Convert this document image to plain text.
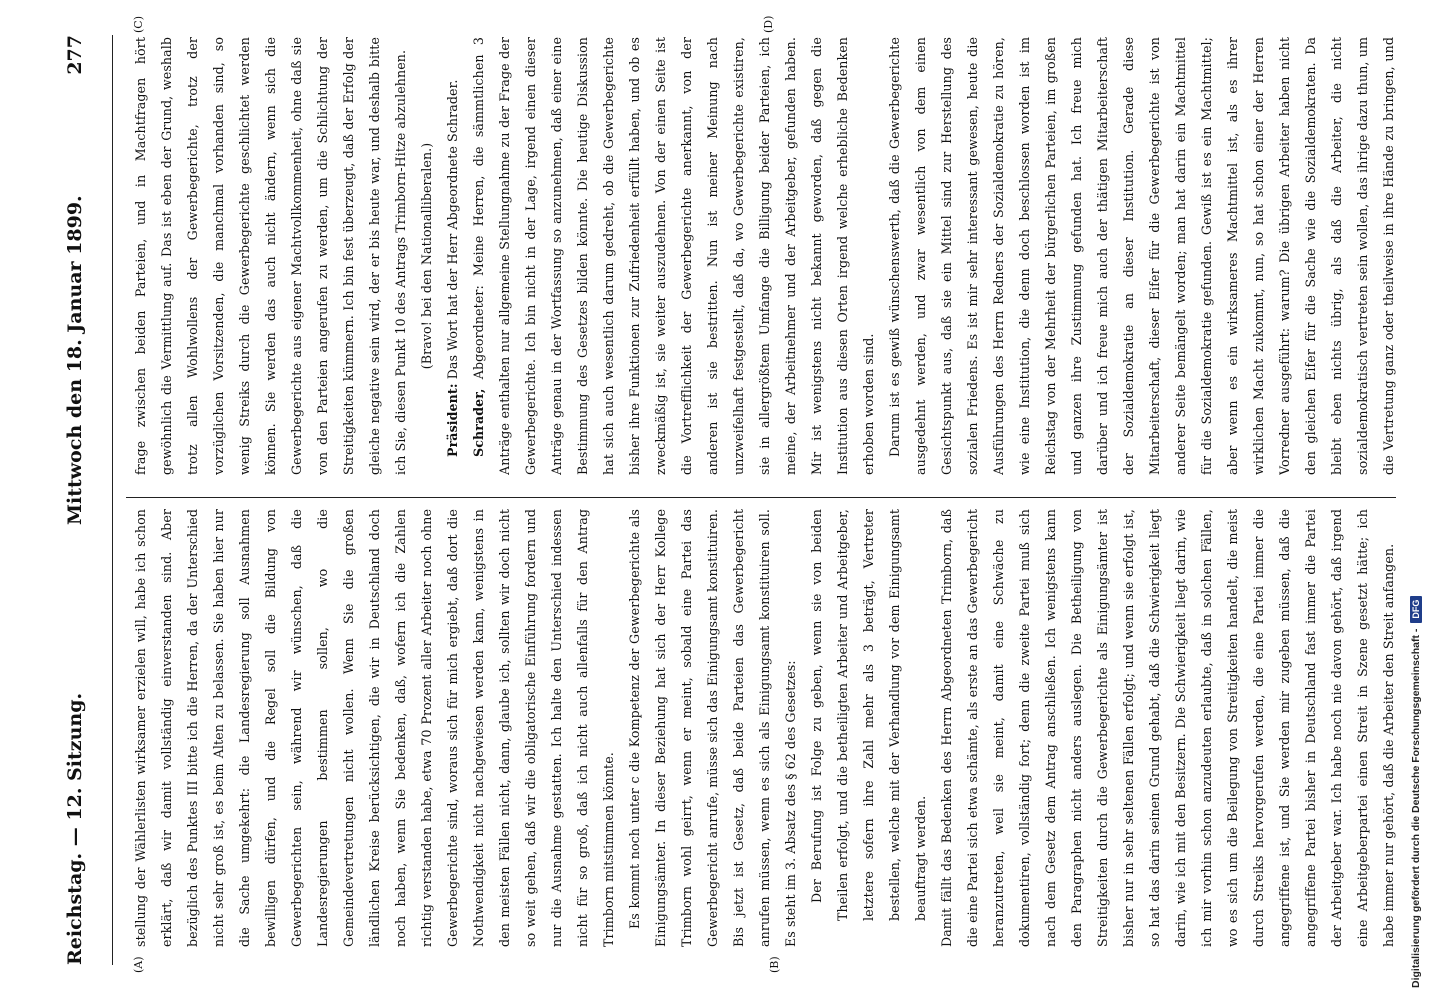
Reichstag. — 12. Sitzung.
Mittwoch den 18. Januar 1899.
277
(A)	(B)
(C)	(D)

stellung der Wählerlisten wirksamer erzielen will, habe ich schon erklärt, daß wir damit vollständig einverstanden sind. Aber bezüglich des Punktes III bitte ich die Herren, da der Unterschied nicht sehr groß ist, es beim Alten zu belassen. Sie haben hier nur die Sache umgekehrt: die Landesregierung soll Ausnahmen bewilligen dürfen, und die Regel soll die Bildung von Gewerbegerichten sein, während wir wünschen, daß die Landesregierungen bestimmen sollen, wo die Gemeindevertretungen nicht wollen. Wenn Sie die großen ländlichen Kreise berücksichtigen, die wir in Deutschland doch noch haben, wenn Sie bedenken, daß, wofern ich die Zahlen richtig verstanden habe, etwa 70 Prozent aller Arbeiter noch ohne Gewerbegerichte sind, woraus sich für mich ergiebt, daß dort die Nothwendigkeit nicht nachgewiesen werden kann, wenigstens in den meisten Fällen nicht, dann, glaube ich, sollten wir doch nicht so weit gehen, daß wir die obligatorische Einführung fordern und nur die Ausnahme gestatten. Ich halte den Unterschied indessen nicht für so groß, daß ich nicht auch allenfalls für den Antrag Trimborn mitstimmen könnte. Es kommt noch unter c die Kompetenz der Gewerbegerichte als Einigungsämter. In dieser Beziehung hat sich der Herr Kollege Trimborn wohl geirrt, wenn er meint, sobald eine Partei das Gewerbegericht anrufe, müsse sich das Einigungsamt konstituiren. Bis jetzt ist Gesetz, daß beide Parteien das Gewerbegericht anrufen müssen, wenn es sich als Einigungsamt konstituiren soll. Es steht im 3. Absatz des § 62 des Gesetzes: Der Berufung ist Folge zu geben, wenn sie von beiden Theilen erfolgt, und die betheiligten Arbeiter und Arbeitgeber, letztere sofern ihre Zahl mehr als 3 beträgt, Vertreter bestellen, welche mit der Verhandlung vor dem Einigungsamt beauftragt werden. Damit fällt das Bedenken des Herrn Abgeordneten Trimborn, daß die eine Partei sich etwa schämte, als erste an das Gewerbegericht heranzutreten, weil sie meint, damit eine Schwäche zu dokumentiren, vollständig fort; denn die zweite Partei muß sich nach dem Gesetz dem Antrag anschließen. Ich wenigstens kann den Paragraphen nicht anders auslegen. Die Betheiligung von Streitigkeiten durch die Gewerbegerichte als Einigungsämter ist bisher nur in sehr seltenen Fällen erfolgt; und wenn sie erfolgt ist, so hat das darin seinen Grund gehabt, daß die Schwierigkeit liegt darin, wie ich mit den Besitzern. Die Schwierigkeit liegt darin, wie ich mir vorhin schon anzudeuten erlaubte, daß in solchen Fällen, wo es sich um die Beilegung von Streitigkeiten handelt, die meist durch Streiks hervorgerufen werden, die eine Partei immer die angegriffene ist, und Sie werden mir zugeben müssen, daß die angegriffene Partei bisher in Deutschland fast immer die Partei der Arbeitgeber war. Ich habe noch nie davon gehört, daß irgend eine Arbeitgeberpartei einen Streit in Szene gesetzt hätte; ich habe immer nur gehört, daß die Arbeiter den Streit anfangen.

frage zwischen beiden Parteien, und in Machtfragen hört gewöhnlich die Vermittlung auf. Das ist eben der Grund, weshalb trotz allen Wohlwollens der Gewerbegerichte, trotz der vorzüglichen Vorsitzenden, die manchmal vorhanden sind, so wenig Streiks durch die Gewerbegerichte geschlichtet werden können. Sie werden das auch nicht ändern, wenn sich die Gewerbegerichte aus eigener Machtvollkommenheit, ohne daß sie von den Parteien angerufen zu werden, um die Schlichtung der Streitigkeiten kümmern. Ich bin fest überzeugt, daß der Erfolg der gleiche negative sein wird, der er bis heute war, und deshalb bitte ich Sie, diesen Punkt 10 des Antrags Trimborn-Hitze abzulehnen. (Bravo! bei den Nationalliberalen.)

Präsident: Das Wort hat der Herr Abgeordnete Schrader.

Schrader, Abgeordneter: Meine Herren, die sämmtlichen 3 Anträge enthalten nur allgemeine Stellungnahme zu der Frage der Gewerbegerichte. Ich bin nicht in der Lage, irgend einen dieser Anträge genau in der Wortfassung so anzunehmen, daß einer eine Bestimmung des Gesetzes bilden könnte. Die heutige Diskussion hat sich auch wesentlich darum gedreht, ob die Gewerbegerichte bisher ihre Funktionen zur Zufriedenheit erfüllt haben, und ob es zweckmäßig ist, sie weiter auszudehnen. Von der einen Seite ist die Vortrefflichkeit der Gewerbegerichte anerkannt, von der anderen ist sie bestritten. Nun ist meiner Meinung nach unzweifelhaft festgestellt, daß da, wo Gewerbegerichte existiren, sie in allergrößtem Umfange die Billigung beider Parteien, ich meine, der Arbeitnehmer und der Arbeitgeber, gefunden haben. Mir ist wenigstens nicht bekannt geworden, daß gegen die Institution aus diesen Orten irgend welche erhebliche Bedenken erhoben worden sind. Darum ist es gewiß wünschenswerth, daß die Gewerbegerichte ausgedehnt werden, und zwar wesentlich von dem einen Gesichtspunkt aus, daß sie ein Mittel sind zur Herstellung des sozialen Friedens. Es ist mir sehr interessant gewesen, heute die Ausführungen des Herrn Redners der Sozialdemokratie zu hören, wie eine Institution, die denn doch beschlossen worden ist im Reichstag von der Mehrheit der bürgerlichen Parteien, im großen und ganzen ihre Zustimmung gefunden hat. Ich freue mich darüber und ich freue mich auch der thätigen Mitarbeiterschaft der Sozialdemokratie an dieser Institution. Gerade diese Mitarbeiterschaft, dieser Eifer für die Gewerbegerichte ist von anderer Seite bemängelt worden; man hat darin ein Machtmittel für die Sozialdemokratie gefunden. Gewiß ist es ein Machtmittel; aber wenn es ein wirksameres Machtmittel ist, als es ihrer wirklichen Macht zukommt, nun, so hat schon einer der Herren Vorredner ausgeführt: warum? Die übrigen Arbeiter haben nicht den gleichen Eifer für die Sache wie die Sozialdemokraten. Da bleibt eben nichts übrig, als daß die Arbeiter, die nicht sozialdemokratisch vertreten sein wollen, das ihrige dazu thun, um die Vertretung ganz oder theilweise in ihre Hände zu bringen, und

Digitalisierung gefördert durch die Deutsche Forschungsgemeinschaft -DFG
